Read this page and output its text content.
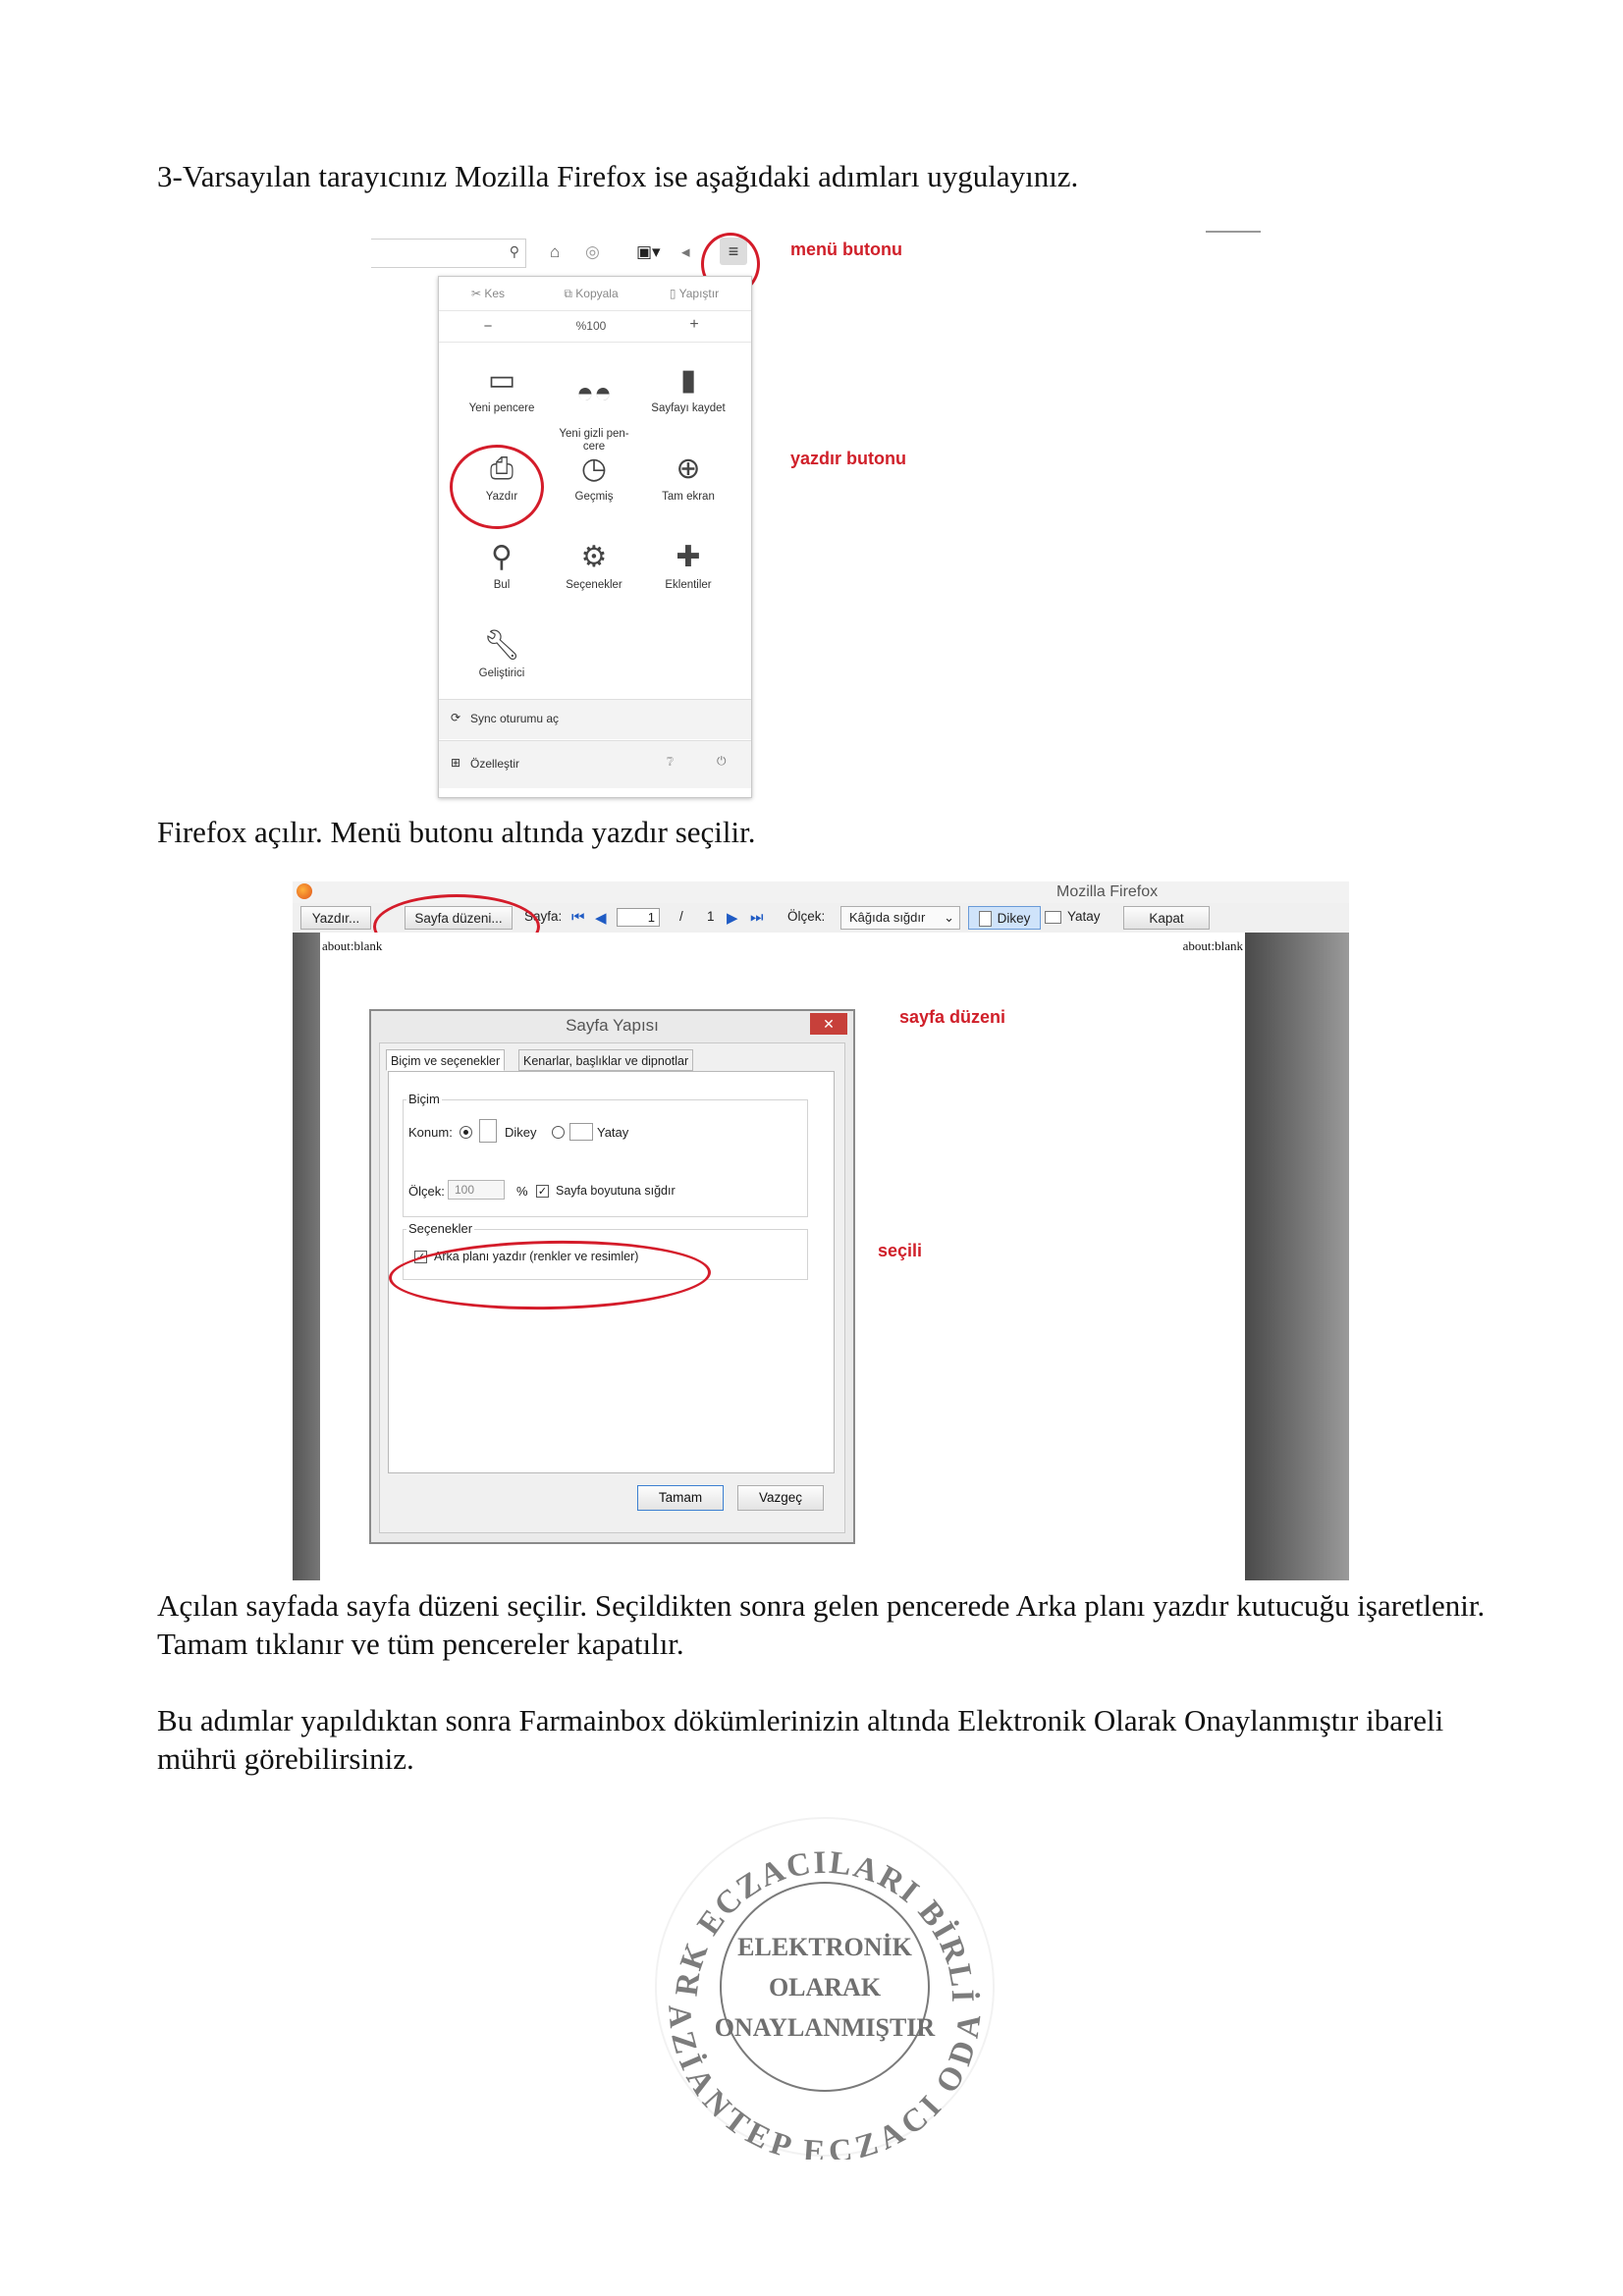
3-Varsayılan tarayıcınız Mozilla Firefox ise aşağıdaki adımları uygulayınız.

Firefox açılır. Menü butonu altında yazdır seçilir.

Açılan sayfada sayfa düzeni seçilir. Seçildikten sonra gelen pencerede Arka planı yazdır kutucuğu işaretlenir. Tamam tıklanır ve tüm pencereler kapatılır.

Bu adımlar yapıldıktan sonra Farmainbox dökümlerinizin altında Elektronik Olarak Onaylanmıştır ibareli mührü görebilirsiniz.

⚲ ⌂ ◎ ▣▾ ◂	≡
✂ Kes	⧉ Kopyala	▯ Yapıştır
−	%100	+
▭
Yeni pencere	◓◓

Yeni gizli pen-
cere

▮
Sayfayı kaydet
⎙
Yazdır
◷
Geçmiş
⊕
Tam ekran
⚲
Bul
⚙
Seçenekler
✚
Eklentiler
🔧︎
Geliştirici
⟳ Sync oturumu aç
⊞ Özelleştir	❔︎	⏻
menü butonu
yazdır butonu
Mozilla Firefox
Yazdır...	Sayfa düzeni...	Sayfa: ⏮ ◀	1	/ 1 ▶ ⏭ Ölçek:	Kâğıda sığdır ⌄	Dikey	Yatay	Kapat
about:blank	about:blank
Sayfa Yapısı	✕
Biçim ve seçenekler	Kenarlar, başlıklar ve dipnotlar
Biçim
Konum:	Dikey	Yatay
Ölçek: 100	% ✓ Sayfa boyutuna sığdır
Seçenekler
✓ Arka planı yazdır (renkler ve resimler)
Tamam	Vazgeç
sayfa düzeni
seçili
RK ECZACILARI BİRLİ
AZİANTEP ECZACI ODA
ELEKTRONİK
OLARAK
ONAYLANMIŞTIR
